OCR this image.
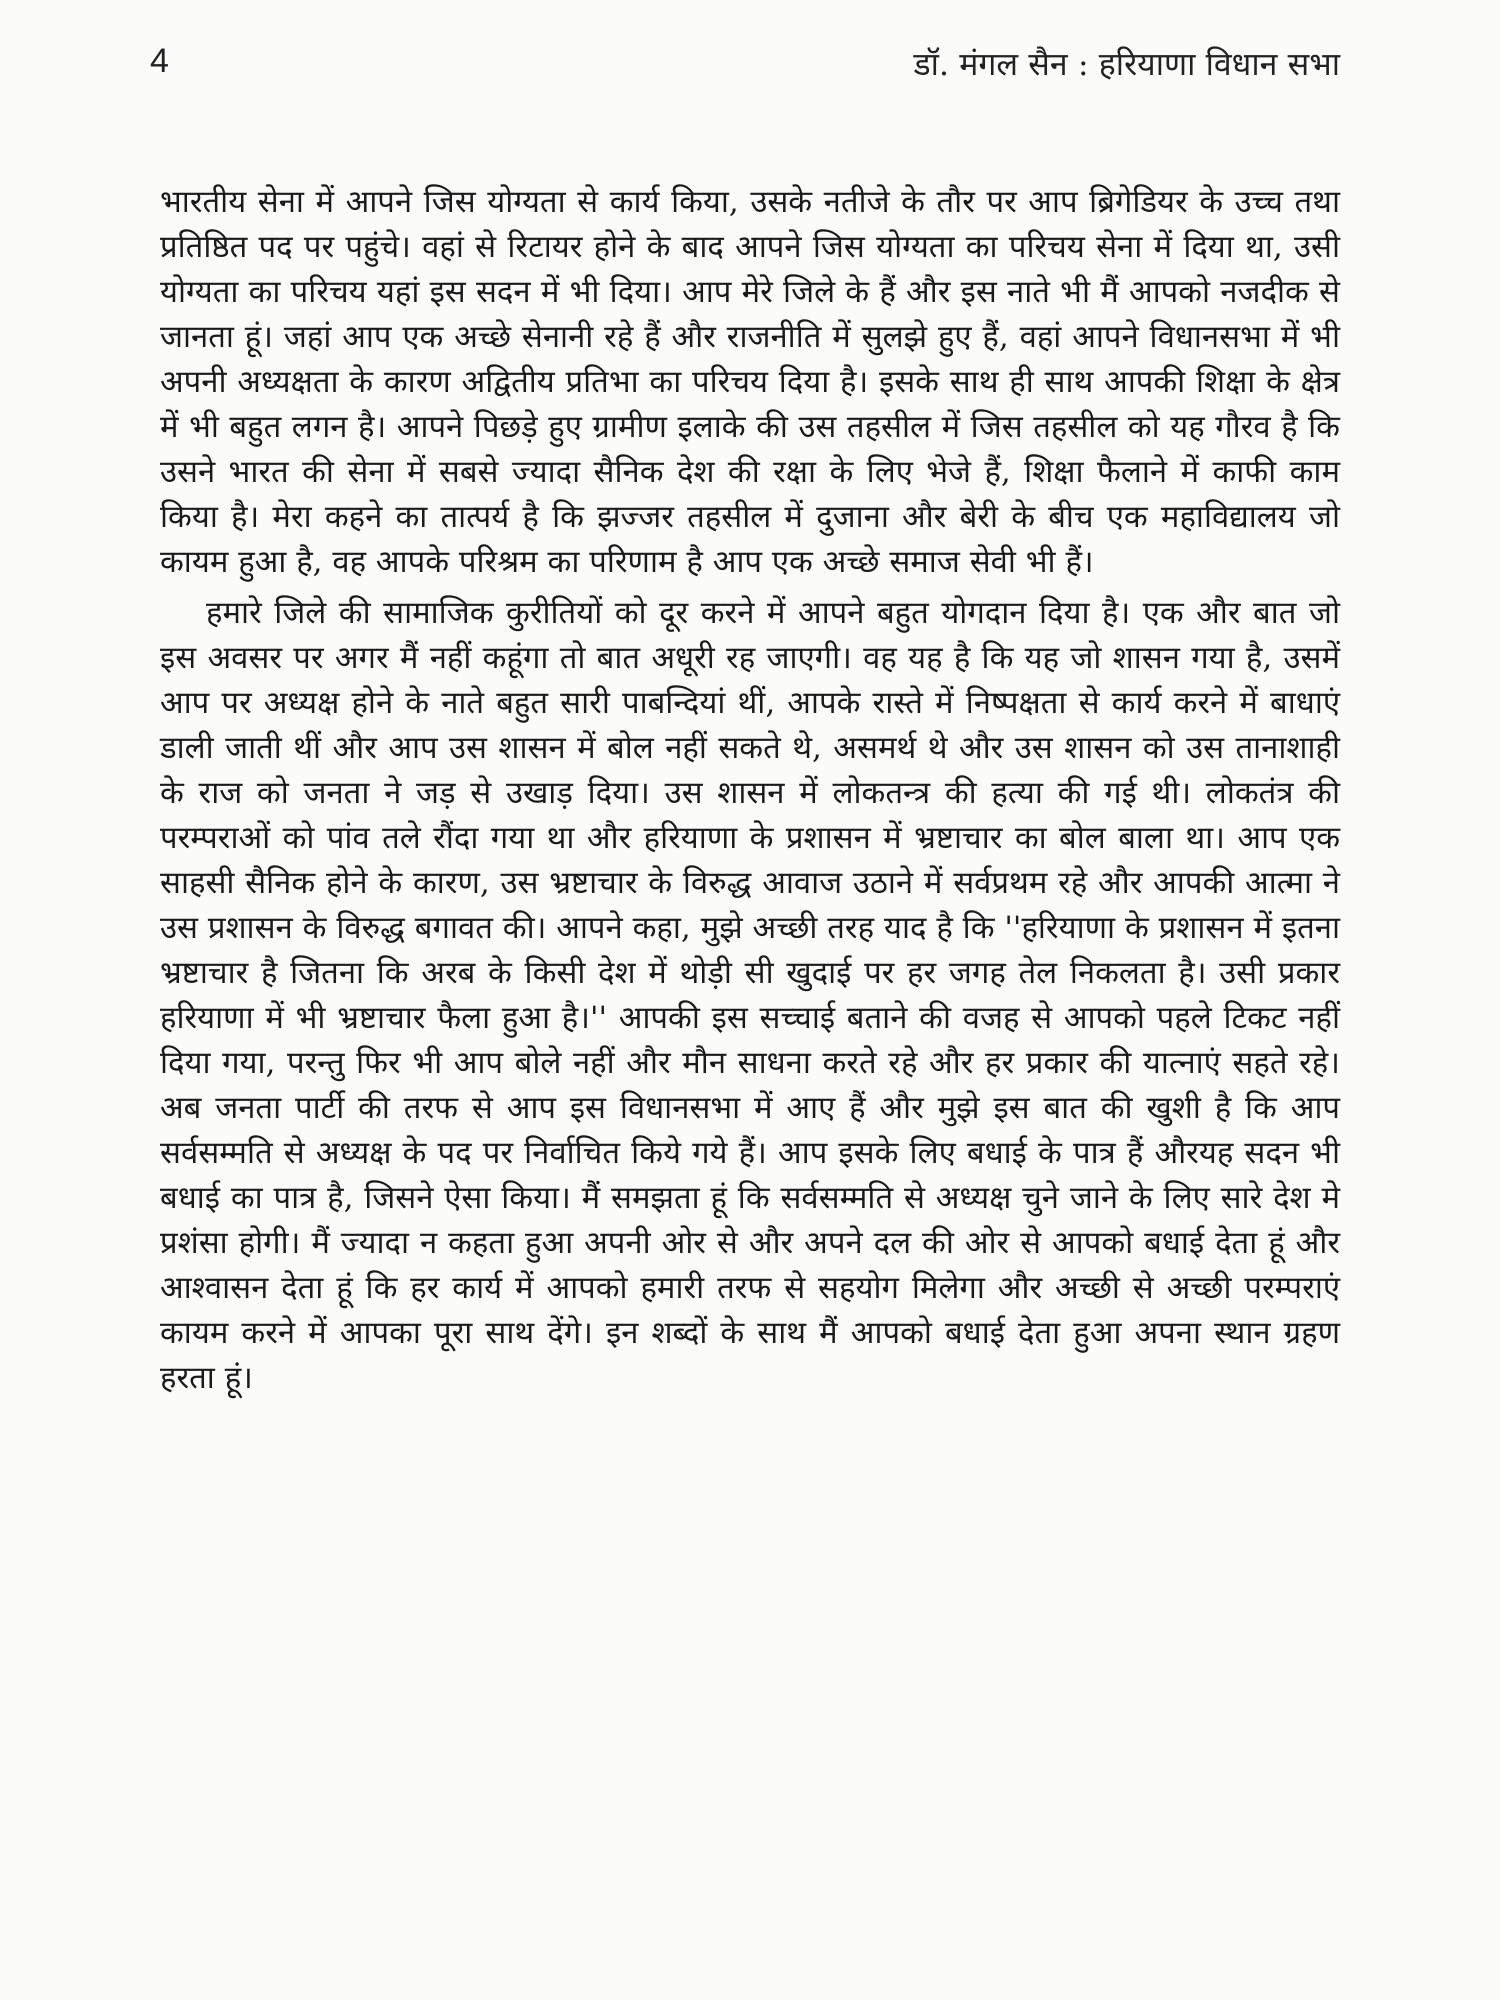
4	डॉ. मंगल सैन : हरियाणा विधान सभा

भारतीय सेना में आपने जिस योग्यता से कार्य किया, उसके नतीजे के तौर पर आप ब्रिगेडियर के उच्च तथा प्रतिष्ठित पद पर पहुंचे। वहां से रिटायर होने के बाद आपने जिस योग्यता का परिचय सेना में दिया था, उसी योग्यता का परिचय यहां इस सदन में भी दिया। आप मेरे जिले के हैं और इस नाते भी मैं आपको नजदीक से जानता हूं। जहां आप एक अच्छे सेनानी रहे हैं और राजनीति में सुलझे हुए हैं, वहां आपने विधानसभा में भी अपनी अध्यक्षता के कारण अद्वितीय प्रतिभा का परिचय दिया है। इसके साथ ही साथ आपकी शिक्षा के क्षेत्र में भी बहुत लगन है। आपने पिछड़े हुए ग्रामीण इलाके की उस तहसील में जिस तहसील को यह गौरव है कि उसने भारत की सेना में सबसे ज्यादा सैनिक देश की रक्षा के लिए भेजे हैं, शिक्षा फैलाने में काफी काम किया है। मेरा कहने का तात्पर्य है कि झज्जर तहसील में दुजाना और बेरी के बीच एक महाविद्यालय जो कायम हुआ है, वह आपके परिश्रम का परिणाम है आप एक अच्छे समाज सेवी भी हैं।

हमारे जिले की सामाजिक कुरीतियों को दूर करने में आपने बहुत योगदान दिया है। एक और बात जो इस अवसर पर अगर मैं नहीं कहूंगा तो बात अधूरी रह जाएगी। वह यह है कि यह जो शासन गया है, उसमें आप पर अध्यक्ष होने के नाते बहुत सारी पाबन्दियां थीं, आपके रास्ते में निष्पक्षता से कार्य करने में बाधाएं डाली जाती थीं और आप उस शासन में बोल नहीं सकते थे, असमर्थ थे और उस शासन को उस तानाशाही के राज को जनता ने जड़ से उखाड़ दिया। उस शासन में लोकतन्त्र की हत्या की गई थी। लोकतंत्र की परम्पराओं को पांव तले रौंदा गया था और हरियाणा के प्रशासन में भ्रष्टाचार का बोल बाला था। आप एक साहसी सैनिक होने के कारण, उस भ्रष्टाचार के विरुद्ध आवाज उठाने में सर्वप्रथम रहे और आपकी आत्मा ने उस प्रशासन के विरुद्ध बगावत की। आपने कहा, मुझे अच्छी तरह याद है कि ''हरियाणा के प्रशासन में इतना भ्रष्टाचार है जितना कि अरब के किसी देश में थोड़ी सी खुदाई पर हर जगह तेल निकलता है। उसी प्रकार हरियाणा में भी भ्रष्टाचार फैला हुआ है।'' आपकी इस सच्चाई बताने की वजह से आपको पहले टिकट नहीं दिया गया, परन्तु फिर भी आप बोले नहीं और मौन साधना करते रहे और हर प्रकार की यात्नाएं सहते रहे। अब जनता पार्टी की तरफ से आप इस विधानसभा में आए हैं और मुझे इस बात की खुशी है कि आप सर्वसम्मति से अध्यक्ष के पद पर निर्वाचित किये गये हैं। आप इसके लिए बधाई के पात्र हैं औरयह सदन भी बधाई का पात्र है, जिसने ऐसा किया। मैं समझता हूं कि सर्वसम्मति से अध्यक्ष चुने जाने के लिए सारे देश मे प्रशंसा होगी। मैं ज्यादा न कहता हुआ अपनी ओर से और अपने दल की ओर से आपको बधाई देता हूं और आश्वासन देता हूं कि हर कार्य में आपको हमारी तरफ से सहयोग मिलेगा और अच्छी से अच्छी परम्पराएं कायम करने में आपका पूरा साथ देंगे। इन शब्दों के साथ मैं आपको बधाई देता हुआ अपना स्थान ग्रहण हरता हूं।
